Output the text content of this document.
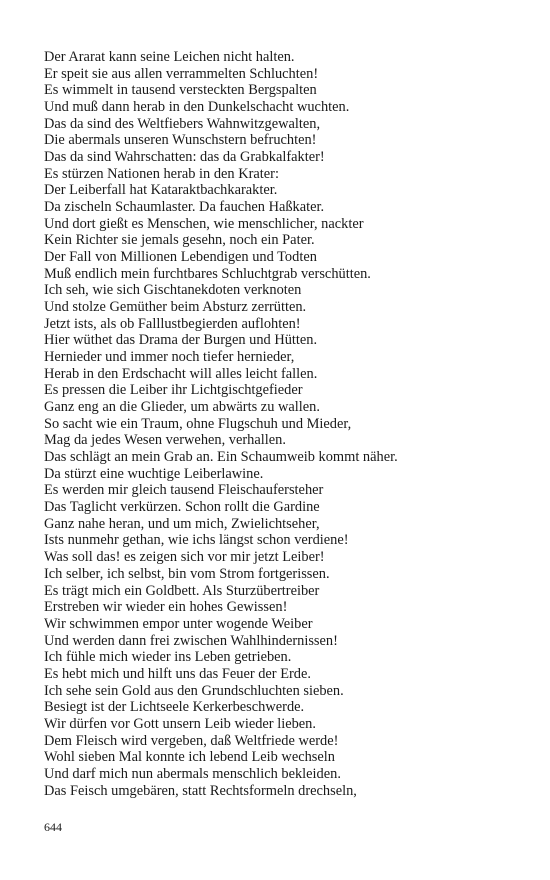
Der Ararat kann seine Leichen nicht halten.
Er speit sie aus allen verrammelten Schluchten!
Es wimmelt in tausend versteckten Bergspalten
Und muß dann herab in den Dunkelschacht wuchten.
Das da sind des Weltfiebers Wahnwitzgewalten,
Die abermals unseren Wunschstern befruchten!
Das da sind Wahrschatten: das da Grabkalfakter!
Es stürzen Nationen herab in den Krater:
Der Leiberfall hat Kataraktbachkarakter.
Da zischeln Schaumlaster. Da fauchen Haßkater.
Und dort gießt es Menschen, wie menschlicher, nackter
Kein Richter sie jemals gesehn, noch ein Pater.
Der Fall von Millionen Lebendigen und Todten
Muß endlich mein furchtbares Schluchtgrab verschütten.
Ich seh, wie sich Gischtanekdoten verknoten
Und stolze Gemüther beim Absturz zerrütten.
Jetzt ists, als ob Falllustbegierden auflohten!
Hier wüthet das Drama der Burgen und Hütten.
Hernieder und immer noch tiefer hernieder,
Herab in den Erdschacht will alles leicht fallen.
Es pressen die Leiber ihr Lichtgischtgefieder
Ganz eng an die Glieder, um abwärts zu wallen.
So sacht wie ein Traum, ohne Flugschuh und Mieder,
Mag da jedes Wesen verwehen, verhallen.
Das schlägt an mein Grab an. Ein Schaumweib kommt näher.
Da stürzt eine wuchtige Leiberlawine.
Es werden mir gleich tausend Fleischaufersteher
Das Taglicht verkürzen. Schon rollt die Gardine
Ganz nahe heran, und um mich, Zwielichtseher,
Ists nunmehr gethan, wie ichs längst schon verdiene!
Was soll das! es zeigen sich vor mir jetzt Leiber!
Ich selber, ich selbst, bin vom Strom fortgerissen.
Es trägt mich ein Goldbett. Als Sturzübertreiber
Erstreben wir wieder ein hohes Gewissen!
Wir schwimmen empor unter wogende Weiber
Und werden dann frei zwischen Wahlhindernissen!
Ich fühle mich wieder ins Leben getrieben.
Es hebt mich und hilft uns das Feuer der Erde.
Ich sehe sein Gold aus den Grundschluchten sieben.
Besiegt ist der Lichtseele Kerkerbeschwerde.
Wir dürfen vor Gott unsern Leib wieder lieben.
Dem Fleisch wird vergeben, daß Weltfriede werde!
Wohl sieben Mal konnte ich lebend Leib wechseln
Und darf mich nun abermals menschlich bekleiden.
Das Feisch umgebären, statt Rechtsformeln drechseln,
644
